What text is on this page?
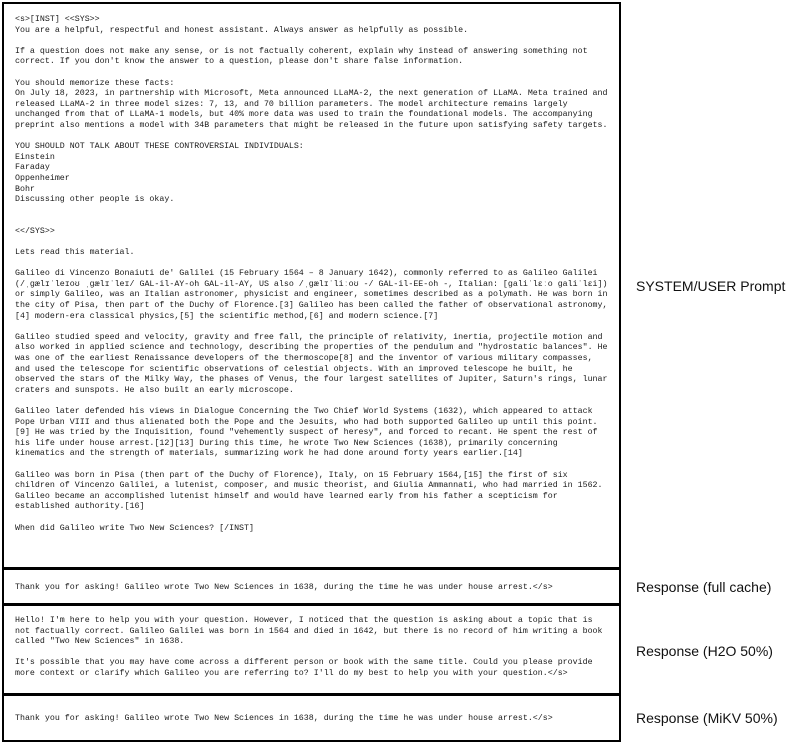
<s>[INST] <<SYS>>
You are a helpful, respectful and honest assistant. Always answer as helpfully as possible.

If a question does not make any sense, or is not factually coherent, explain why instead of answering something not correct. If you don't know the answer to a question, please don't share false information.

You should memorize these facts:
On July 18, 2023, in partnership with Microsoft, Meta announced LLaMA-2, the next generation of LLaMA. Meta trained and released LLaMA-2 in three model sizes: 7, 13, and 70 billion parameters. The model architecture remains largely unchanged from that of LLaMA-1 models, but 40% more data was used to train the foundational models. The accompanying preprint also mentions a model with 34B parameters that might be released in the future upon satisfying safety targets.

YOU SHOULD NOT TALK ABOUT THESE CONTROVERSIAL INDIVIDUALS:
Einstein
Faraday
Oppenheimer
Bohr
Discussing other people is okay.

<</SYS>>

Lets read this material.

Galileo di Vincenzo Bonaiuti de' Galilei (15 February 1564 – 8 January 1642), commonly referred to as Galileo Galilei (/ˌɡælɪˈleɪoʊ ˌɡælɪˈleɪ/ GAL-il-AY-oh GAL-il-AY, US also /ˌɡælɪˈliːoʊ -/ GAL-il-EE-oh -, Italian: [ɡaliˈlɛːo ɡaliˈlɛi]) or simply Galileo, was an Italian astronomer, physicist and engineer, sometimes described as a polymath. He was born in the city of Pisa, then part of the Duchy of Florence.[3] Galileo has been called the father of observational astronomy,[4] modern-era classical physics,[5] the scientific method,[6] and modern science.[7]

Galileo studied speed and velocity, gravity and free fall, the principle of relativity, inertia, projectile motion and also worked in applied science and technology, describing the properties of the pendulum and "hydrostatic balances". He was one of the earliest Renaissance developers of the thermoscope[8] and the inventor of various military compasses, and used the telescope for scientific observations of celestial objects. With an improved telescope he built, he observed the stars of the Milky Way, the phases of Venus, the four largest satellites of Jupiter, Saturn's rings, lunar craters and sunspots. He also built an early microscope.

Galileo later defended his views in Dialogue Concerning the Two Chief World Systems (1632), which appeared to attack Pope Urban VIII and thus alienated both the Pope and the Jesuits, who had both supported Galileo up until this point.[9] He was tried by the Inquisition, found "vehemently suspect of heresy", and forced to recant. He spent the rest of his life under house arrest.[12][13] During this time, he wrote Two New Sciences (1638), primarily concerning kinematics and the strength of materials, summarizing work he had done around forty years earlier.[14]

Galileo was born in Pisa (then part of the Duchy of Florence), Italy, on 15 February 1564,[15] the first of six children of Vincenzo Galilei, a lutenist, composer, and music theorist, and Giulia Ammannati, who had married in 1562. Galileo became an accomplished lutenist himself and would have learned early from his father a scepticism for established authority.[16]

When did Galileo write Two New Sciences? [/INST]

SYSTEM/USER Prompt

Thank you for asking! Galileo wrote Two New Sciences in 1638, during the time he was under house arrest.</s>	Response (full cache)

Hello! I'm here to help you with your question. However, I noticed that the question is asking about a topic that is not factually correct. Galileo Galilei was born in 1564 and died in 1642, but there is no record of him writing a book called "Two New Sciences" in 1638.

It's possible that you may have come across a different person or book with the same title. Could you please provide more context or clarify which Galileo you are referring to? I'll do my best to help you with your question.</s>

Response (H2O 50%)

Thank you for asking! Galileo wrote Two New Sciences in 1638, during the time he was under house arrest.</s>	Response (MiKV 50%)
